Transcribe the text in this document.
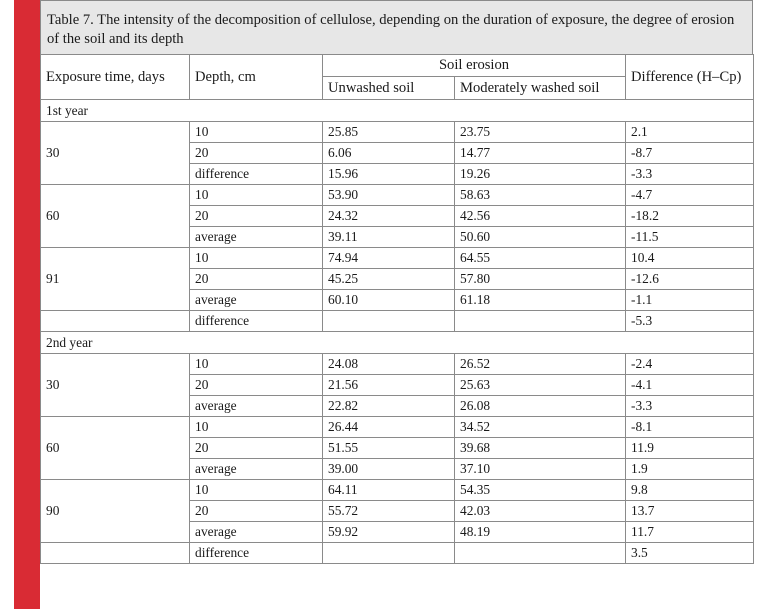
Table 7. The intensity of the decomposition of cellulose, depending on the duration of exposure, the degree of erosion of the soil and its depth
Exposure time, days	Depth, cm	Soil erosion		Difference (H–Cp)
		Unwashed soil	Moderately washed soil	
1st year				
30	10	25.85	23.75	2.1
	20	6.06	14.77	-8.7
	difference	15.96	19.26	-3.3
60	10	53.90	58.63	-4.7
	20	24.32	42.56	-18.2
	average	39.11	50.60	-11.5
91	10	74.94	64.55	10.4
	20	45.25	57.80	-12.6
	average	60.10	61.18	-1.1
	difference			-5.3
2nd year				
30	10	24.08	26.52	-2.4
	20	21.56	25.63	-4.1
	average	22.82	26.08	-3.3
60	10	26.44	34.52	-8.1
	20	51.55	39.68	11.9
	average	39.00	37.10	1.9
90	10	64.11	54.35	9.8
	20	55.72	42.03	13.7
	average	59.92	48.19	11.7
	difference			3.5
